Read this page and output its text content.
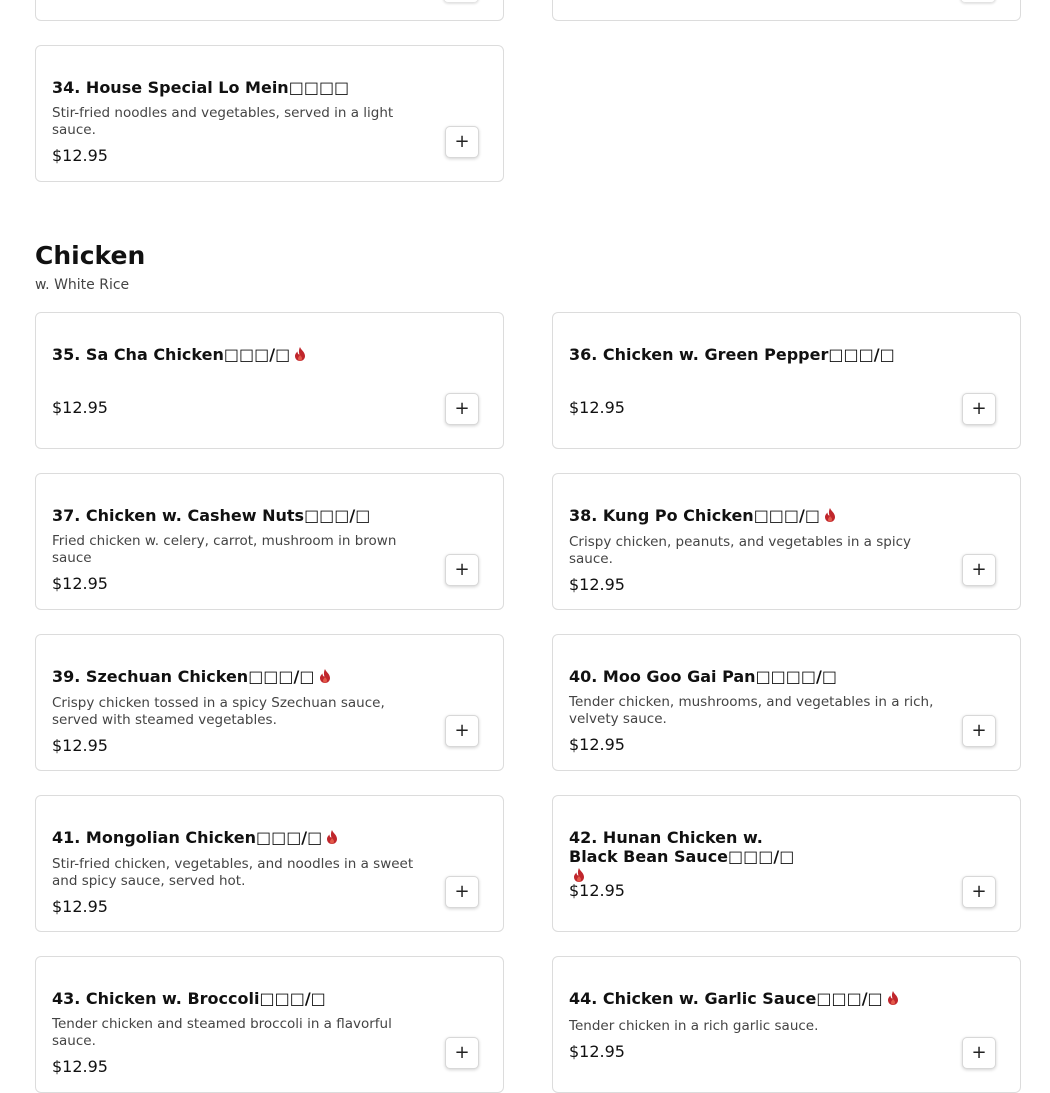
34. House Special Lo Mein□□□□
Stir-fried noodles and vegetables, served in a light sauce.
$12.95
+
Chicken
w. White Rice
35. Sa Cha Chicken□□□/□
$12.95	+
36. Chicken w. Green Pepper□□□/□
$12.95	+
37. Chicken w. Cashew Nuts□□□/□
Fried chicken w. celery, carrot, mushroom in brown sauce
$12.95
+
38. Kung Po Chicken□□□/□
Crispy chicken, peanuts, and vegetables in a spicy sauce.
$12.95
+
39. Szechuan Chicken□□□/□
Crispy chicken tossed in a spicy Szechuan sauce, served with steamed vegetables.
$12.95
+
40. Moo Goo Gai Pan□□□□/□
Tender chicken, mushrooms, and vegetables in a rich, velvety sauce.
$12.95
+
41. Mongolian Chicken□□□/□
Stir-fried chicken, vegetables, and noodles in a sweet and spicy sauce, served hot.
$12.95
+
42. Hunan Chicken w. Black Bean Sauce□□□/□
$12.95	+
43. Chicken w. Broccoli□□□/□
Tender chicken and steamed broccoli in a flavorful sauce.
$12.95
+
44. Chicken w. Garlic Sauce□□□/□
Tender chicken in a rich garlic sauce.
$12.95	+
